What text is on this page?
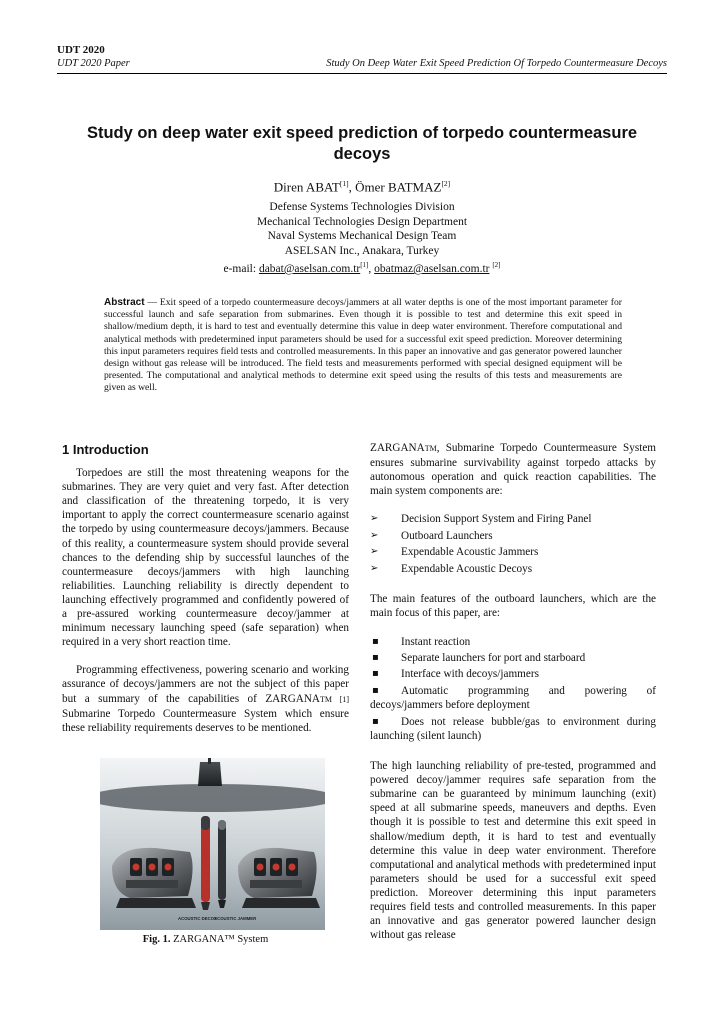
UDT 2020
UDT 2020 Paper	Study On Deep Water Exit Speed Prediction Of Torpedo Countermeasure Decoys
Study on deep water exit speed prediction of torpedo countermeasure
decoys
Diren ABAT[1], Ömer BATMAZ[2]
Defense Systems Technologies Division
Mechanical Technologies Design Department
Naval Systems Mechanical Design Team
ASELSAN Inc., Anakara, Turkey
e-mail: dabat@aselsan.com.tr[1], obatmaz@aselsan.com.tr [2]

Abstract — Exit speed of a torpedo countermeasure decoys/jammers at all water depths is one of the most important parameter for successful launch and safe separation from submarines. Even though it is possible to test and determine this exit speed in shallow/medium depth, it is hard to test and eventually determine this value in deep water environment. Therefore computational and analytical methods with predetermined input parameters should be used for a successful exit speed prediction. Moreover determining this input parameters requires field tests and controlled measurements. In this paper an innovative and gas generator powered launcher design without gas release will be introduced. The field tests and measurements performed with special designed equipment will be presented. The computational and analytical methods to determine exit speed using the results of this tests and measurements are given as well.

1 Introduction

Torpedoes are still the most threatening weapons for the submarines. They are very quiet and very fast. After detection and classification of the threatening torpedo, it is very important to apply the correct countermeasure scenario against the torpedo by using countermeasure decoys/jammers. Because of this reality, a countermeasure system should provide several chances to the defending ship by successful launches of the countermeasure decoys/jammers with high launching reliabilities. Launching reliability is directly dependent to launching effectively programmed and confidently powered of a pre-assured working countermeasure decoy/jammer at minimum necessary launching speed (safe separation) when required in a very short reaction time.

Programming effectiveness, powering scenario and working assurance of decoys/jammers are not the subject of this paper but a summary of the capabilities of ZARGANATM [1] Submarine Torpedo Countermeasure System which ensure these reliability requirements deserves to be mentioned.

ACOUSTIC DECOY
ACOUSTIC JAMMER
Fig. 1. ZARGANA™ System

ZARGANATM, Submarine Torpedo Countermeasure System ensures submarine survivability against torpedo attacks by autonomous operation and quick reaction capabilities. The main system components are:

➢ Decision Support System and Firing Panel
➢ Outboard Launchers
➢ Expendable Acoustic Jammers
➢ Expendable Acoustic Decoys

The main features of the outboard launchers, which are the main focus of this paper, are:

▪ Instant reaction
▪ Separate launchers for port and starboard
▪ Interface with decoys/jammers
▪ Automatic programming and powering of decoys/jammers before deployment
▪ Does not release bubble/gas to environment during launching (silent launch)

The high launching reliability of pre-tested, programmed and powered decoy/jammer requires safe separation from the submarine can be guaranteed by minimum launching (exit) speed at all submarine speeds, maneuvers and depths. Even though it is possible to test and determine this exit speed in shallow/medium depth, it is hard to test and eventually determine this value in deep water environment. Therefore computational and analytical methods with predetermined input parameters should be used for a successful exit speed prediction. Moreover determining this input parameters requires field tests and controlled measurements. In this paper an innovative and gas generator powered launcher design without gas release
